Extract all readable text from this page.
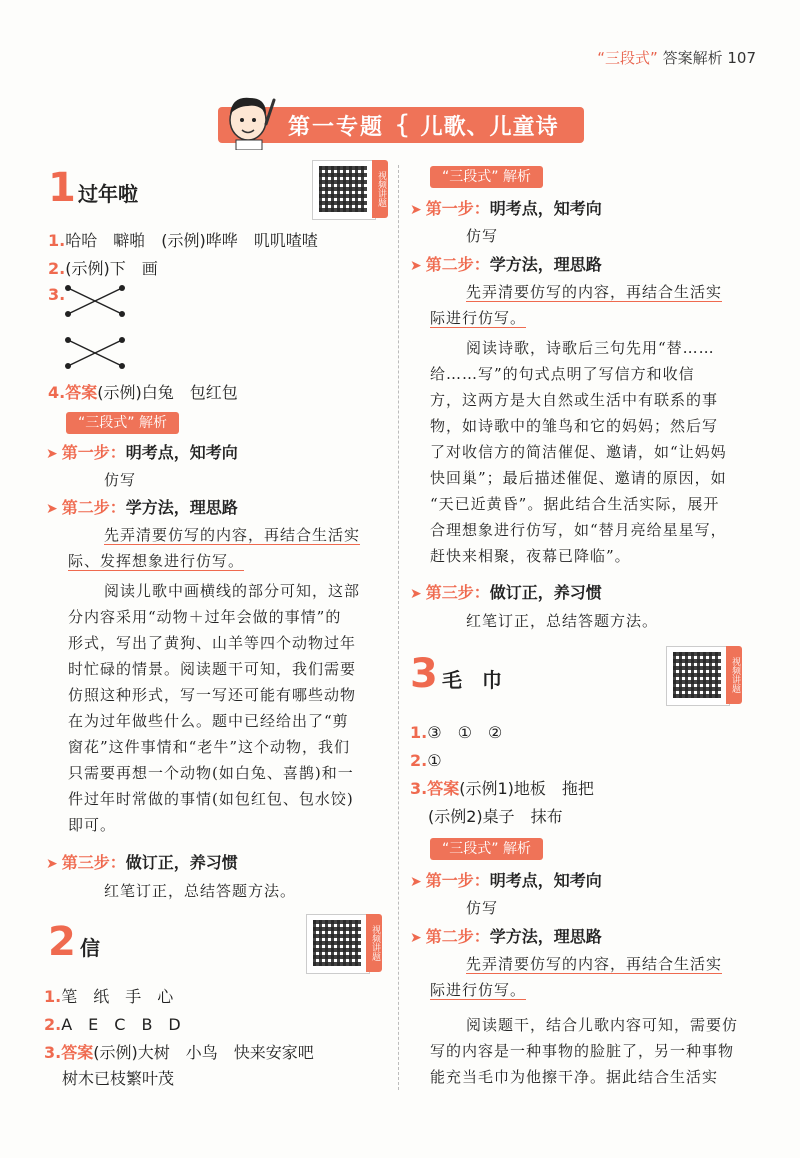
“三段式” 答案解析 107
第一专题 { 儿歌、儿童诗
1 过年啦	视频讲题
1.哈哈　噼啪　(示例)哗哗　叽叽喳喳
2.(示例)下　画
3.
4.答案(示例)白兔　包红包
“三段式” 解析
➤ 第一步：明考点，知考向
仿写
➤ 第二步：学方法，理思路
先弄清要仿写的内容，再结合生活实
际、发挥想象进行仿写。
阅读儿歌中画横线的部分可知，这部
分内容采用“动物＋过年会做的事情”的
形式，写出了黄狗、山羊等四个动物过年
时忙碌的情景。阅读题干可知，我们需要
仿照这种形式，写一写还可能有哪些动物
在为过年做些什么。题中已经给出了“剪
窗花”这件事情和“老牛”这个动物，我们
只需要再想一个动物(如白兔、喜鹊)和一
件过年时常做的事情(如包红包、包水饺)
即可。
➤ 第三步：做订正，养习惯
红笔订正，总结答题方法。
2 信	视频讲题
1.笔　纸　手　心
2.A　E　C　B　D
3.答案(示例)大树　小鸟　快来安家吧
树木已枝繁叶茂
“三段式” 解析
➤ 第一步：明考点，知考向
仿写
➤ 第二步：学方法，理思路
先弄清要仿写的内容，再结合生活实
际进行仿写。
阅读诗歌，诗歌后三句先用“替……
给……写”的句式点明了写信方和收信
方，这两方是大自然或生活中有联系的事
物，如诗歌中的雏鸟和它的妈妈；然后写
了对收信方的简洁催促、邀请，如“让妈妈
快回巢”；最后描述催促、邀请的原因，如
“天已近黄昏”。据此结合生活实际，展开
合理想象进行仿写，如“替月亮给星星写，
赶快来相聚，夜幕已降临”。
➤ 第三步：做订正，养习惯
红笔订正，总结答题方法。
3 毛　巾	视频讲题
1.③　①　②
2.①
3.答案(示例1)地板　拖把
(示例2)桌子　抹布
“三段式” 解析
➤ 第一步：明考点，知考向
仿写
➤ 第二步：学方法，理思路
先弄清要仿写的内容，再结合生活实
际进行仿写。
阅读题干，结合儿歌内容可知，需要仿
写的内容是一种事物的脸脏了，另一种事物
能充当毛巾为他擦干净。据此结合生活实
